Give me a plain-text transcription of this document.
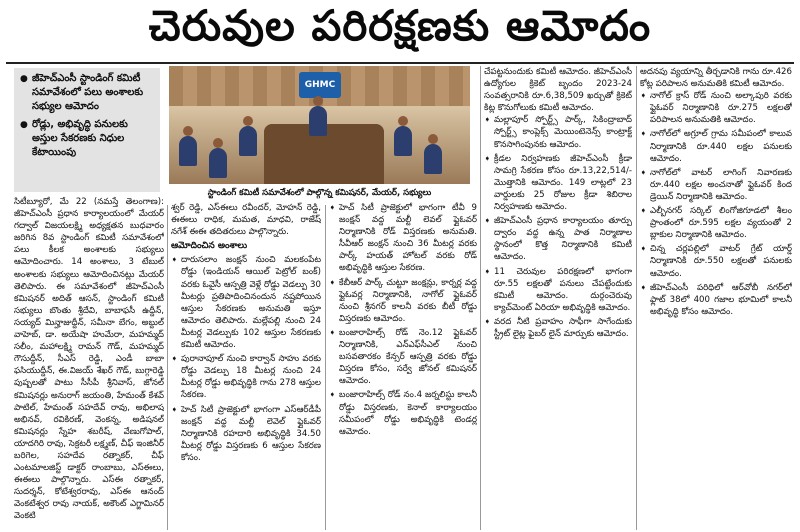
చెరువుల పరిరక్షణకు ఆమోదం
● జీహెచ్‌ఎంసీ స్టాండింగ్ కమిటీ సమావేశంలో పలు అంశాలకు సభ్యుల ఆమోదం
● రోడ్లు, అభివృద్ధి పనులకు అస్తుల సేకరణకు నిధుల కేటాయింపు
GHMC
స్టాండింగ్ కమిటీ సమావేశంలో పాల్గొన్న కమిషనర్, మేయర్, సభ్యులు

సిటీబ్యూరో, మే 22 (నమస్తే తెలంగాణ): జీహెచ్‌ఎంసీ ప్రధాన కార్యాలయంలో మేయర్ గద్వాల్ విజయలక్ష్మి అధ్యక్షతన బుధవారం జరిగిన 8వ స్టాండింగ్ కమిటీ సమావేశంలో పలు కీలక అంశాలకు సభ్యులు ఆమోదించారు. 14 అంశాలు, 3 టేబుల్ అంశాలకు సభ్యులు ఆమోదించినట్లు మేయర్ తెలిపారు. ఈ సమావేశంలో జీహెచ్‌ఎంసీ కమిషనర్ అదిత్ ఆసన్, స్టాండింగ్ కమిటీ సభ్యులు బొంతు శ్రీదేవి, బాబాఫసీ ఉద్దీన్, సయ్యద్ మిన్హాజుద్దీన్, సమీనా బేగం, అబ్దుల్ వాహెబ్, డా. అయేషా హుమేరా, మహమ్మద్ సలీం, మహాలక్ష్మి రామన్ గౌడ్, మహమ్మద్ గౌసుద్దీన్, సీఎస్ రెడ్డి, ఎండీ బాబా ఫసియుద్దీన్, ఈ.విజయ్ శేఖర్ గౌడ్, బుగ్గారెడ్డి పుష్పలతో పాటు సీసీపీ శ్రీనివాస్, జోనల్ కమిషనర్లు అనురాగ్ జయంతి, హేమంత్ కేశవ్ పాటిల్, హేమంత్ సహదేవ్ రావు, అభిలాష అభినవ్, రవికిరణ్, వెంకన్న, అడిషనల్ కమిషనర్లు స్నేహ శబరీష్, వేణుగోపాల్, యాదగిరి రావు, సెక్రటరీ లక్ష్మణ్, చీఫ్ ఇంజినీర్ బరిగెల, సహదేవ రత్నాకర్, చీఫ్ ఎంటమాలజిస్ట్ డాక్టర్ రాంబాబు, ఎస్ఈలు, ఈఈలు పాల్గొన్నారు. ఎస్ఈ రత్నాకర్, సుదర్శన్, కోటేశ్వరరావు, ఎస్ఈ ఆనంద్ వెంకటేశ్వర రావు నాయక్, అకౌంట్ ఎగ్జామినర్ వెంకటి

శ్వర్ రెడ్డి, ఎస్ఈలు రవీందర్, మోహన్ రెడ్డి, ఈఈలు రాధిక, మమత, మాధవి, రాజేష్ నగేశ్ ఈఈ తదితరులు పాల్గొన్నారు.

ఆమోదించిన అంశాలు
➧ దారుసలాం జంక్షన్ నుంచి మలకంపేట రోడ్డు (ఇండియన్ ఆయిల్ పెట్రోల్ బంక్) వరకు ఓవైసీ ఆస్పత్రి వెళ్లే రోడ్డు వెడల్పు 30 మీటర్లు ప్రతిపాదించినందున నష్టపోయిన ఆస్తుల సేకరణకు అనుమతి ఇస్తూ ఆమోదం తెలిపారు. మల్లేపల్లి నుంచి 24 మీటర్ల వెడల్పుకు 102 ఆస్తుల సేకరణకు కమిటీ ఆమోదం.
➧ పురానాపూల్ నుంచి కార్వాన్ సాహు వరకు రోడ్డు వెడల్పు 18 మీటర్ల నుంచి 24 మీటర్ల రోడ్డు అభివృద్ధికి గాను 278 ఆస్తుల సేకరణ.
➧ హెచ్ సిటీ ప్రాజెక్టులో భాగంగా ఎస్‌ఆర్‌డీపీ జంక్షన్ వద్ద మల్టీ లెవెల్ ఫ్లైఓవర్ నిర్మాణానికి రహదారి అభివృద్ధికి 34.50 మీటర్ల రోడ్డు విస్తరణకు 6 ఆస్తుల సేకరణ కోసం.
➧ హెచ్ సిటీ ప్రాజెక్టులో భాగంగా టీవీ 9 జంక్షన్ వద్ద మల్టీ లెవల్ ఫ్లైఓవర్ నిర్మాణానికి రోడ్ విస్తరణకు అనుమతి. సీవీఆర్ జంక్షన్ నుంచి 36 మీటర్ల వరకు పార్క్ హయత్ హోటల్ వరకు రోడ్ అభివృద్ధికి ఆస్తుల సేకరణ.
➧ కేబీఆర్ పార్క్ చుట్టూ జంక్షన్లు, కార్నర్ల వద్ద ఫ్లైఓవర్ల నిర్మాణానికి, నాగోల్ ఫ్లైఓవర్ నుంచి శ్రీనగర్ కాలనీ వరకు బీటీ రోడ్డు విస్తరణకు ఆమోదం.
➧ బంజారాహిల్స్ రోడ్ నెం.12 ఫ్లైఓవర్ నిర్మాణానికి, ఎన్‌ఎఫ్‌సీఎల్ నుంచి బసవతారకం కేన్సర్ ఆస్పత్రి వరకు రోడ్డు విస్తరణ కోసం, సర్వే జోనల్ కమిషనర్ ఆమోదం.
➧ బంజారాహిల్స్ రోడ్ నం.4 జర్నలిస్టు కాలనీ రోడ్డు విస్తరణకు, కెనాల్ కార్యాలయం సమీపంలో రోడ్డు అభివృద్ధికి టెండర్ల ఆమోదం.

చేపట్టనుందుకు కమిటీ ఆమోదం. జీహెచ్‌ఎంసీ ఉద్యోగుల క్రికెట్ బృందం 2023-24 సంవత్సరానికి రూ.6,38,509 ఖర్చుతో క్రికెట్ కిట్ల కొనుగోలుకు కమిటీ ఆమోదం.

➧ మల్లాపూర్ స్పోర్ట్స్ పార్క్, సికింద్రాబాద్ స్పోర్ట్స్ కాంప్లెక్స్ మెయింటెనెన్స్ కాంట్రాక్ట్ కొనసాగింపునకు ఆమోదం.
➧ క్రీడల నిర్వహణకు జీహెచ్‌ఎంసీ క్రీడా సామగ్రి సేకరణ కోసం రూ.13,22,514/- మొత్తానికి ఆమోదం. 149 లాట్లలో 23 వార్డులకు 25 రోజుల క్రీడా శిబిరాల నిర్వహణకు ఆమోదం.
➧ జీహెచ్‌ఎంసీ ప్రధాన కార్యాలయం తూర్పు ద్వారం వద్ద ఉన్న పాత నిర్మాణాల స్థానంలో కొత్త నిర్మాణానికి కమిటీ ఆమోదం.
➧ 11 చెరువుల పరిరక్షణలో భాగంగా రూ.55 లక్షలతో పనులు చేపట్టేందుకు కమిటీ ఆమోదం. దుర్గంచెరువు క్యాచ్‌మెంట్ ఏరియా అభివృద్ధికి ఆమోదం.
➧ వరద నీటి ప్రవాహం సాఫీగా సాగేందుకు స్ట్రీట్‌ లైట్ల ఫైబర్‌ లైన్ మార్పుకు ఆమోదం.

అదనపు వ్యయాన్ని తీర్చడానికి గాను రూ.426 కోట్ల పరిపాలన అనుమతికి కమిటీ ఆమోదం.

➧ నాగోల్ క్రాస్ రోడ్ నుంచి అల్కాపురి వరకు ఫ్లైఓవర్ నిర్మాణానికి రూ.275 లక్షలతో పరిపాలన అనుమతికి ఆమోదం.
➧ నాగోల్‌లో అగ్రూల్ గ్రామ సమీపంలో కాలువ నిర్మాణానికి రూ.440 లక్షల పనులకు ఆమోదం.
➧ నాగోల్‌లో వాటర్ లాగింగ్ నివారణకు రూ.440 లక్షల అంచనాతో ఫ్లైఓవర్ కింద డ్రెయిన్ నిర్మాణానికి ఆమోదం.
➧ ఎల్బీనగర్ సర్కిల్ లింగోజిగూడలో శీలం ప్రాంతంలో రూ.595 లక్షల వ్యయంతో 2 బ్లాకుల నిర్మాణానికి ఆమోదం.
➧ చిన్న చర్లపల్లిలో వాటర్ గ్రేట్ యార్డ్ నిర్మాణానికి రూ.550 లక్షలతో పనులకు ఆమోదం.
➧ జీహెచ్‌ఎంసీ పరిధిలో ఆర్‌వోబీ నగర్‌లో ఫ్లాట్ 38లో 400 గజాల భూమిలో కాలనీ అభివృద్ధి కోసం ఆమోదం.
